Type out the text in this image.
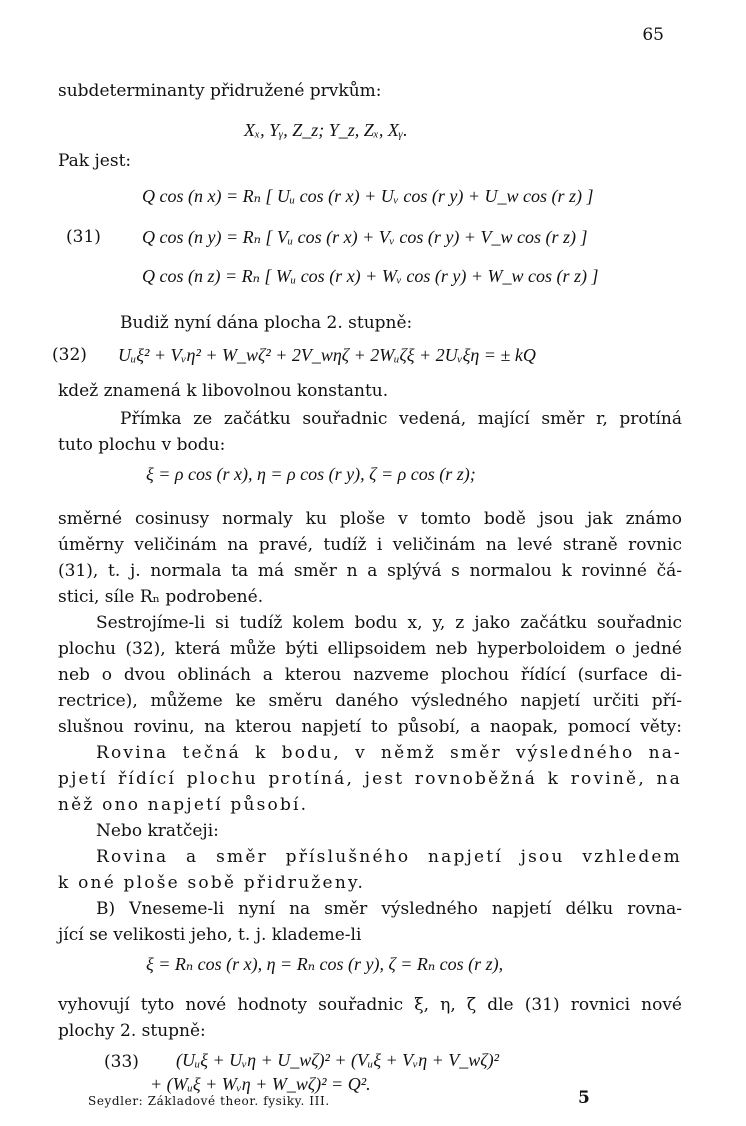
65
subdeterminanty přidružené prvkům:
Xₓ, Yᵧ, Z_z; Y_z, Zₓ, Xᵧ.
Pak jest:
Q cos (n x) = Rₙ [ Uᵤ cos (r x) + Uᵥ cos (r y) + U_w cos (r z) ]
(31) Q cos (n y) = Rₙ [ Vᵤ cos (r x) + Vᵥ cos (r y) + V_w cos (r z) ]
Q cos (n z) = Rₙ [ Wᵤ cos (r x) + Wᵥ cos (r y) + W_w cos (r z) ]
Budiž nyní dána plocha 2. stupně:
(32) Uᵤξ² + Vᵥη² + W_wζ² + 2V_wηζ + 2Wᵤζξ + 2Uᵥξη = ± kQ
kdež znamená k libovolnou konstantu.
Přímka ze začátku souřadnic vedená, mající směr r, protíná
tuto plochu v bodu:
ξ = ρ cos (r x), η = ρ cos (r y), ζ = ρ cos (r z);
směrné cosinusy normaly ku ploše v tomto bodě jsou jak známo
úměrny veličinám na pravé, tudíž i veličinám na levé straně rovnic
(31), t. j. normala ta má směr n a splývá s normalou k rovinné čá-
stici, síle Rₙ podrobené.
Sestrojíme-li si tudíž kolem bodu x, y, z jako začátku souřadnic
plochu (32), která může býti ellipsoidem neb hyperboloidem o jedné
neb o dvou oblinách a kterou nazveme plochou řídící (surface di-
rectrice), můžeme ke směru daného výsledného napjetí určiti pří-
slušnou rovinu, na kterou napjetí to působí, a naopak, pomocí věty:
Rovina tečná k bodu, v němž směr výsledného na-
pjetí řídící plochu protíná, jest rovnoběžná k rovině, na
něž ono napjetí působí.
Nebo kratčeji:
Rovina a směr příslušného napjetí jsou vzhledem
k oné ploše sobě přidruženy.
B) Vneseme-li nyní na směr výsledného napjetí délku rovna-
jící se velikosti jeho, t. j. klademe-li
ξ = Rₙ cos (r x), η = Rₙ cos (r y), ζ = Rₙ cos (r z),
vyhovují tyto nové hodnoty souřadnic ξ, η, ζ dle (31) rovnici nové
plochy 2. stupně:
(33) (Uᵤξ + Uᵥη + U_wζ)² + (Vᵤξ + Vᵥη + V_wζ)²
+ (Wᵤξ + Wᵥη + W_wζ)² = Q².
Seydler: Základové theor. fysiky. III.	5
